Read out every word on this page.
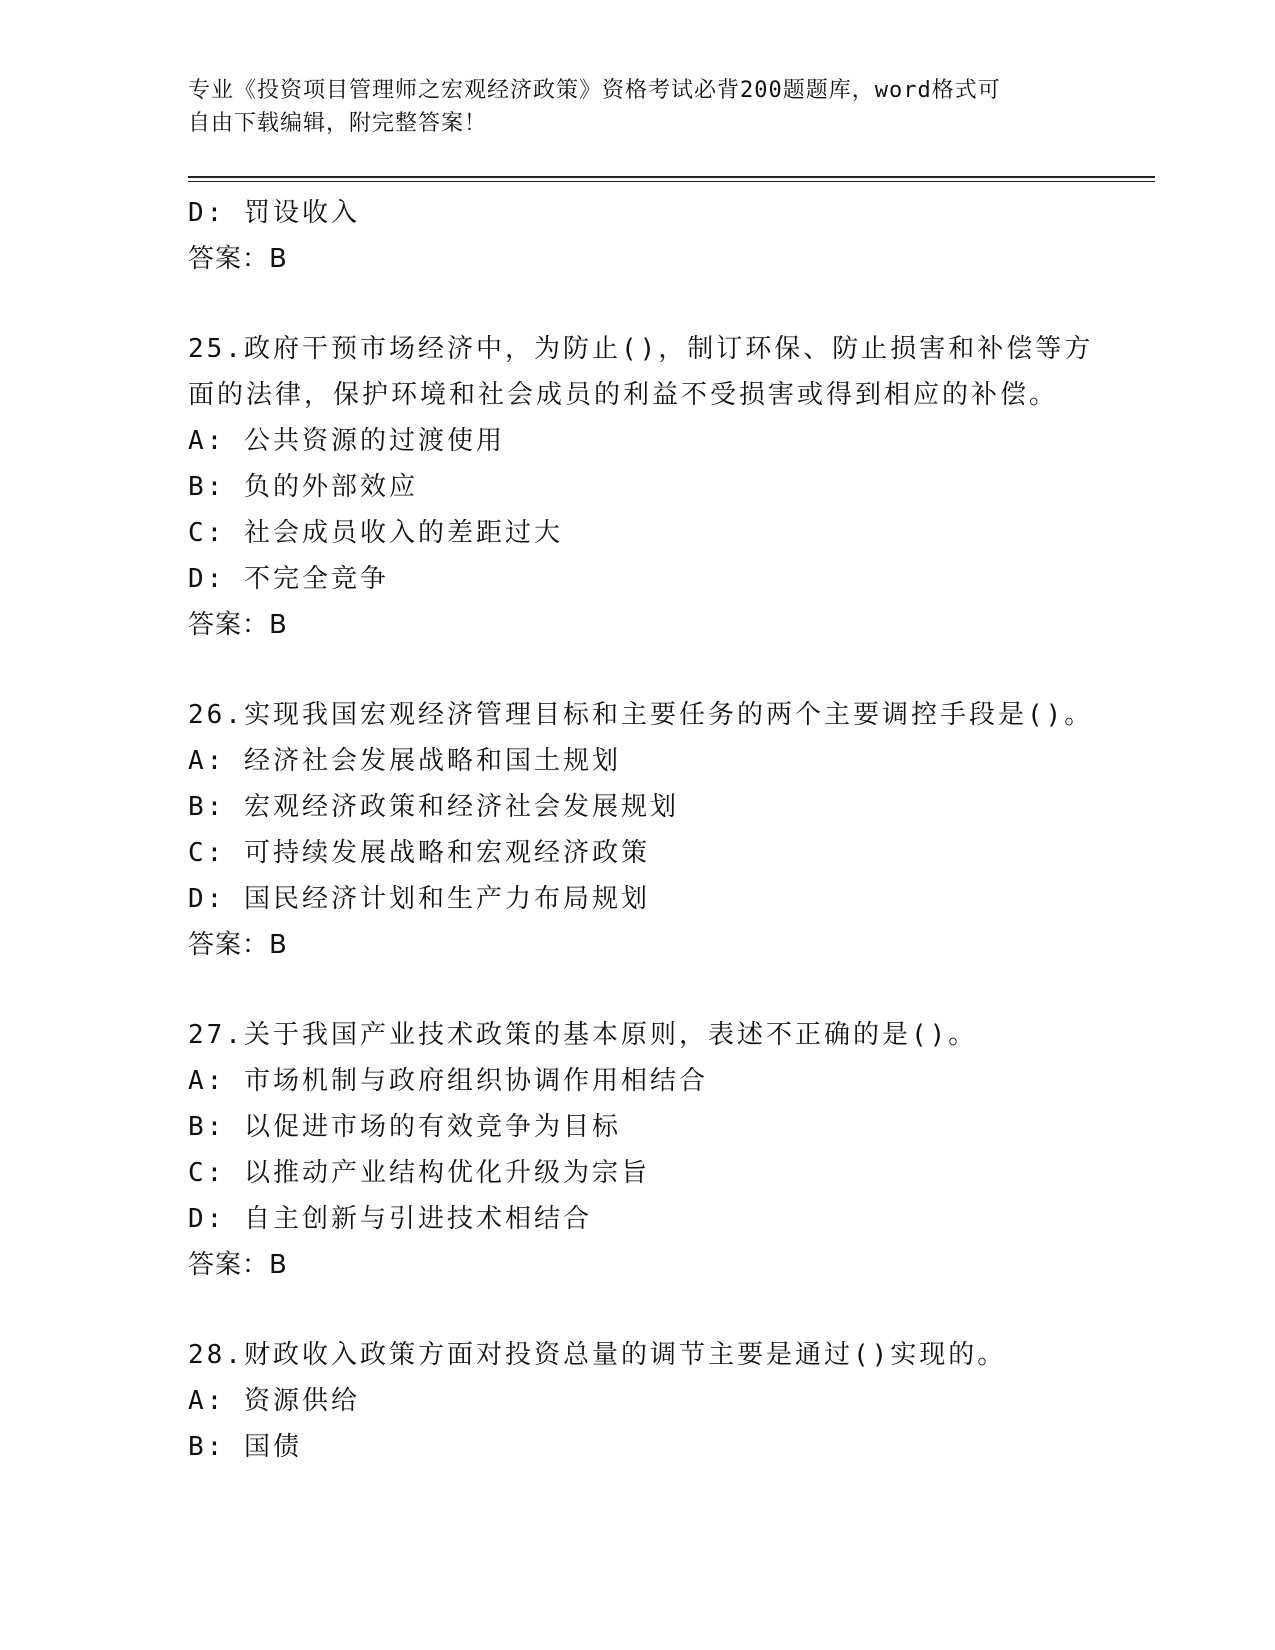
专业《投资项目管理师之宏观经济政策》资格考试必背200题题库，word格式可
自由下载编辑，附完整答案！
D: 罚设收入
答案：B
25.政府干预市场经济中，为防止()，制订环保、防止损害和补偿等方
面的法律，保护环境和社会成员的利益不受损害或得到相应的补偿。
A: 公共资源的过渡使用
B: 负的外部效应
C: 社会成员收入的差距过大
D: 不完全竞争
答案：B
26.实现我国宏观经济管理目标和主要任务的两个主要调控手段是()。
A: 经济社会发展战略和国土规划
B: 宏观经济政策和经济社会发展规划
C: 可持续发展战略和宏观经济政策
D: 国民经济计划和生产力布局规划
答案：B
27.关于我国产业技术政策的基本原则，表述不正确的是()。
A: 市场机制与政府组织协调作用相结合
B: 以促进市场的有效竞争为目标
C: 以推动产业结构优化升级为宗旨
D: 自主创新与引进技术相结合
答案：B
28.财政收入政策方面对投资总量的调节主要是通过()实现的。
A: 资源供给
B: 国债
